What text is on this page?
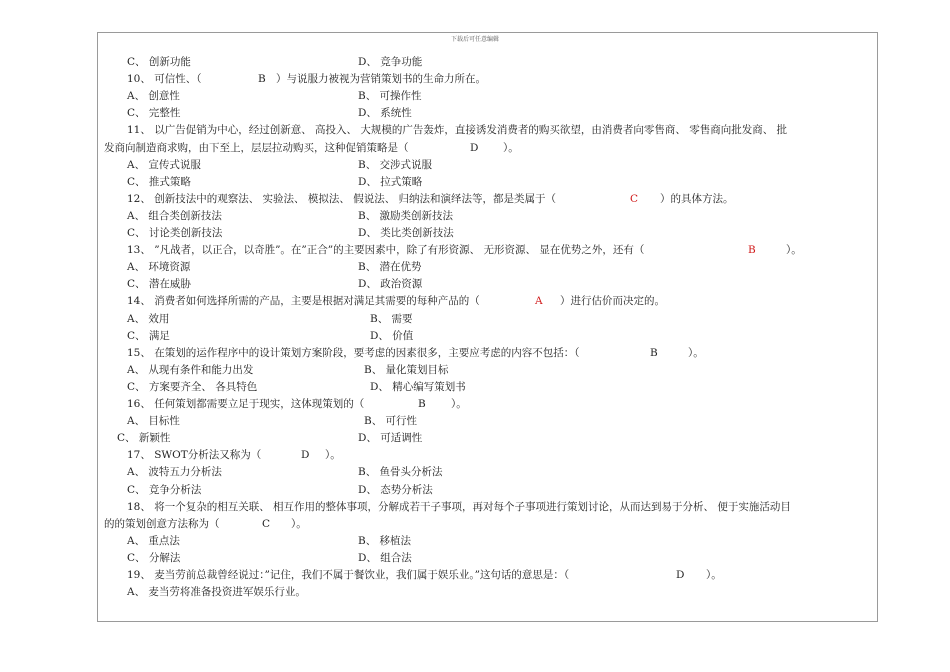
下载后可任意编辑
C、 创新功能	D、 竞争功能
10、 可信性、（	B ）与说服力被视为营销策划书的生命力所在。
A、 创意性	B、 可操作性
C、 完整性	D、 系统性
11、 以广告促销为中心，经过创新意、 高投入、 大规模的广告轰炸，直接诱发消费者的购买欲望，由消费者向零售商、 零售商向批发商、 批
发商向制造商求购，由下至上，层层拉动购买，这种促销策略是（	D ）。
A、 宣传式说服	B、 交涉式说服
C、 推式策略	D、 拉式策略
12、 创新技法中的观察法、 实验法、 模拟法、 假说法、 归纳法和演绎法等，都是类属于（	C ）的具体方法。
A、 组合类创新技法	B、 激励类创新技法
C、 讨论类创新技法	D、 类比类创新技法
13、 ”凡战者，以正合，以奇胜”。在”正合”的主要因素中，除了有形资源、 无形资源、 显在优势之外，还有（	B	）。
A、 环境资源	B、 潜在优势
C、 潜在威胁	D、 政治资源
14、 消费者如何选择所需的产品，主要是根据对满足其需要的每种产品的（	A ）进行估价而决定的。
A、 效用	B、 需要
C、 满足	D、 价值
15、 在策划的运作程序中的设计策划方案阶段，要考虑的因素很多，主要应考虑的内容不包括：（	B	）。
A、 从现有条件和能力出发	B、 量化策划目标
C、 方案要齐全、 各具特色	D、 精心编写策划书
16、 任何策划都需要立足于现实，这体现策划的（	B ）。
A、 目标性	B、 可行性
C、 新颖性	D、 可适调性
17、 SWOT分析法又称为（	D ）。
A、 波特五力分析法	B、 鱼骨头分析法
C、 竞争分析法	D、 态势分析法
18、 将一个复杂的相互关联、 相互作用的整体事项，分解成若干子事项，再对每个子事项进行策划讨论，从而达到易于分析、 便于实施活动目
的的策划创意方法称为（	C ）。
A、 重点法	B、 移植法
C、 分解法	D、 组合法
19、 麦当劳前总裁曾经说过：”记住，我们不属于餐饮业，我们属于娱乐业。”这句话的意思是：（	D ）。
A、 麦当劳将准备投资进军娱乐行业。
